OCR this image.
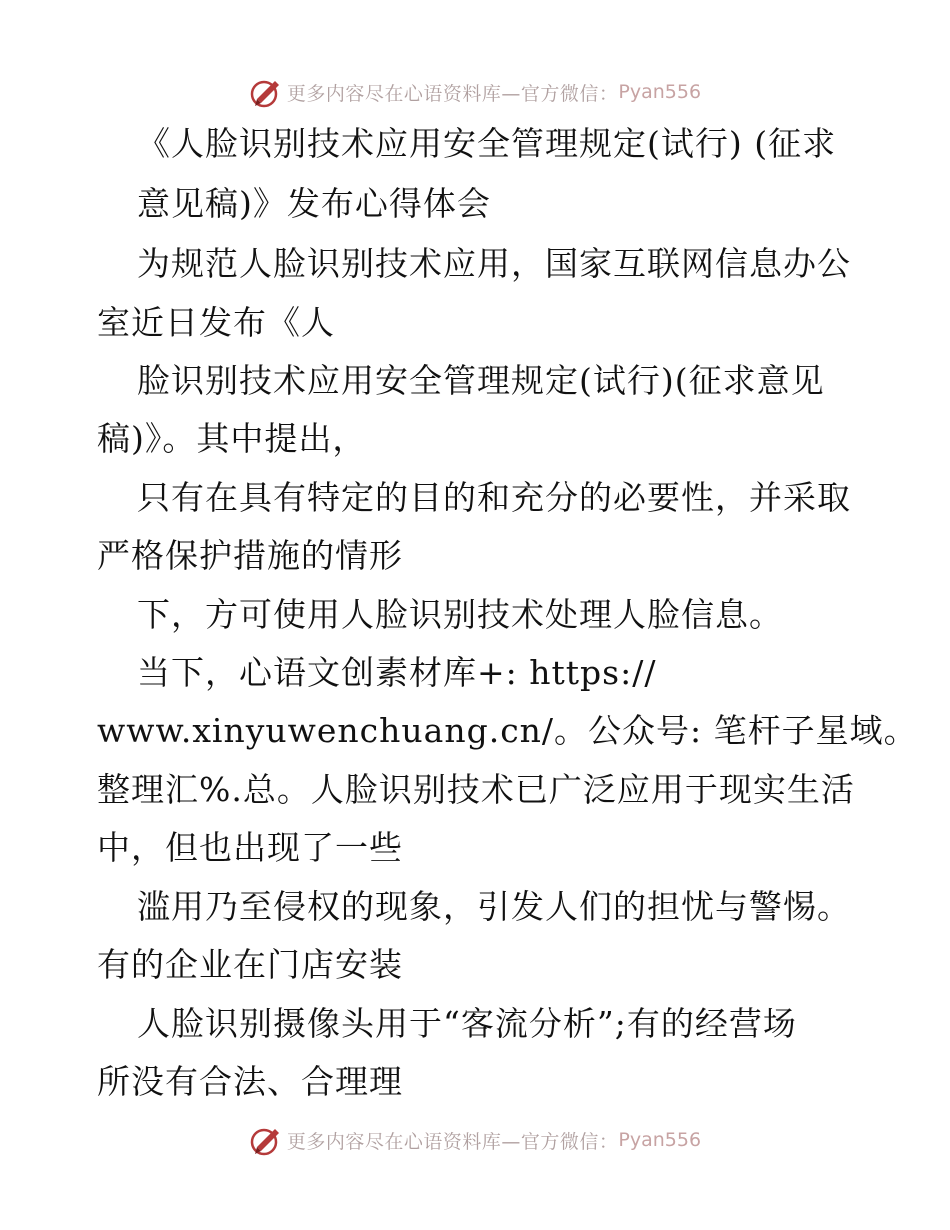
更多内容尽在心语资料库—官方微信： Pyan556
《人脸识别技术应用安全管理规定(试行) (征求
意见稿)》发布心得体会
为规范人脸识别技术应用，国家互联网信息办公
室近日发布《人
脸识别技术应用安全管理规定(试行)(征求意见
稿)》。其中提出，
只有在具有特定的目的和充分的必要性，并采取
严格保护措施的情形
下，方可使用人脸识别技术处理人脸信息。
当下，心语文创素材库+: https://
www.xinyuwenchuang.cn/。公众号: 笔杆子星域。
整理汇%.总。人脸识别技术已广泛应用于现实生活
中，但也出现了一些
滥用乃至侵权的现象，引发人们的担忧与警惕。
有的企业在门店安装
人脸识别摄像头用于“客流分析”;有的经营场
所没有合法、合理理
更多内容尽在心语资料库—官方微信： Pyan556
